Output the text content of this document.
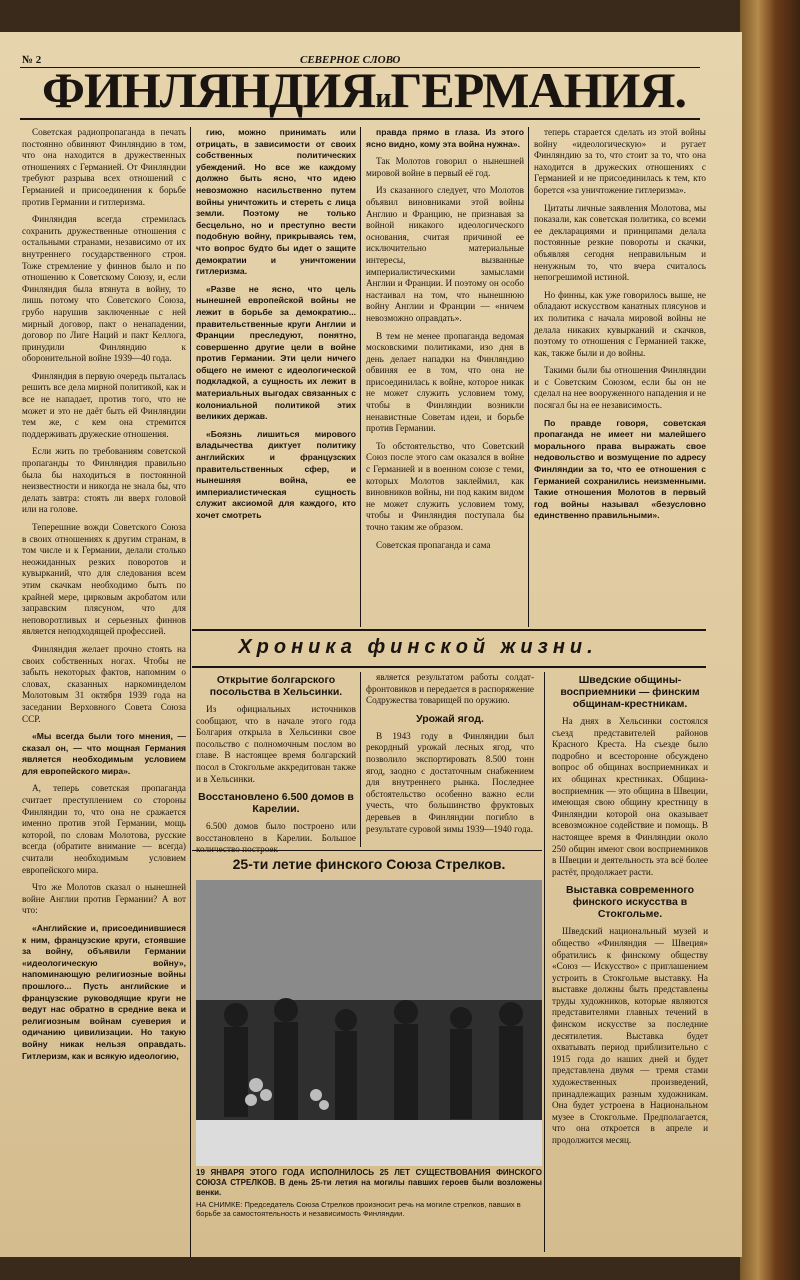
№ 2	СЕВЕРНОЕ СЛОВО
ФИНЛЯНДИЯиГЕРМАНИЯ.

Советская радиопропаганда в печать постоянно обвиняют Финляндию в том, что она находится в дружественных отношениях с Германией. От Финляндии требуют разрыва всех отношений с Германией и присоединения к борьбе против Германии и гитлеризма.

Финляндия всегда стремилась сохранить дружественные отношения с остальными странами, независимо от их внутреннего государственного строя. Тоже стремление у финнов было и по отношению к Советскому Союзу, и, если Финляндия была втянута в войну, то лишь потому что Советского Союза, грубо нарушив заключенные с ней мирный договор, пакт о ненападении, договор по Лиге Наций и пакт Келлога, принудили Финляндию к оборонительной войне 1939—40 года.

Финляндия в первую очередь пыталась решить все дела мирной политикой, как и все не нападает, против того, что не может и это не даёт быть ей Финляндии тем же, с кем она стремится поддерживать дружеские отношения.

Если жить по требованиям советской пропаганды то Финляндия правильно была бы находиться в постоянной неизвестности и никогда не знала бы, что делать завтра: стоять ли вверх головой или на голове.

Теперешние вожди Советского Союза в своих отношениях к другим странам, в том числе и к Германии, делали столько неожиданных резких поворотов и кувырканий, что для следования всем этим скачкам необходимо быть по крайней мере, цирковым акробатом или заправским плясуном, что для неповоротливых и серьезных финнов является неподходящей профессией.

Финляндия желает прочно стоять на своих собственных ногах. Чтобы не забыть некоторых фактов, напомним о словах, сказанных наркоминделом Молотовым 31 октября 1939 года на заседании Верховного Совета Союза ССР.

«Мы всегда были того мнения, — сказал он, — что мощная Германия является необходимым условием для европейского мира».

А, теперь советская пропаганда считает преступлением со стороны Финляндии то, что она не сражается именно против этой Германии, мощь которой, по словам Молотова, русские всегда (обратите внимание — всегда) считали необходимым условием европейского мира.

Что же Молотов сказал о нынешней войне Англии против Германии? А вот что:

«Английские и, присоединившиеся к ним, французские круги, стоявшие за войну, объявили Германии «идеологическую войну», напоминающую религиозные войны прошлого... Пусть английские и французские руководящие круги не ведут нас обратно в средние века и религиозным войнам суеверия и одичанию цивилизации. Но такую войну никак нельзя оправдать. Гитлеризм, как и всякую идеологию,

гию, можно принимать или отрицать, в зависимости от своих собственных политических убеждений. Но все же каждому должно быть ясно, что идею невозможно насильственно путем войны уничтожить и стереть с лица земли. Поэтому не только бесцельно, но и преступно вести подобную войну, прикрываясь тем, что вопрос будто бы идет о защите демократии и уничтожении гитлеризма.

«Разве не ясно, что цель нынешней европейской войны не лежит в борьбе за демократию... правительственные круги Англии и Франции преследуют, понятно, совершенно другие цели в войне против Германии. Эти цели ничего общего не имеют с идеологической подкладкой, а сущность их лежит в материальных выгодах связанных с колониальной политикой этих великих держав.

«Боязнь лишиться мирового владычества диктует политику английских и французских правительственных сфер, и нынешняя война, ее империалистическая сущность служит аксиомой для каждого, кто хочет смотреть

правда прямо в глаза. Из этого ясно видно, кому эта война нужна».

Так Молотов говорил о нынешней мировой войне в первый её год.

Из сказанного следует, что Молотов объявил виновниками этой войны Англию и Францию, не признавая за войной никакого идеологического основания, считая причиной ее исключительно материальные интересы, вызванные империалистическими замыслами Англии и Франции. И поэтому он особо настаивал на том, что нынешнюю войну Англии и Франции — «ничем невозможно оправдать».

В тем не менее пропаганда ведомая московскими политиками, изо дня в день делает нападки на Финляндию обвиняя ее в том, что она не присоединилась к войне, которое никак не может служить условием тому, чтобы в Финляндии возникли ненавистные Советам идеи, и борьбе против Германии.

То обстоятельство, что Советский Союз после этого сам оказался в войне с Германией и в военном союзе с теми, которых Молотов заклеймил, как виновников войны, ни под каким видом не может служить условием тому, чтобы и Финляндия поступала бы точно таким же образом.

Советская пропаганда и сама

теперь старается сделать из этой войны войну «идеологическую» и ругает Финляндию за то, что стоит за то, что она находится в дружеских отношениях с Германией и не присоединилась к тем, кто борется «за уничтожение гитлеризма».

Цитаты личные заявления Молотова, мы показали, как советская политика, со всеми ее декларациями и принципами делала постоянные резкие повороты и скачки, объявляя сегодня неправильным и ненужным то, что вчера считалось непогрешимой истиной.

Но финны, как уже говорилось выше, не обладают искусством канатных плясунов и их политика с начала мировой войны не делала никаких кувырканий и скачков, поэтому то отношения с Германией также, как, также были и до войны.

Такими были бы отношения Финляндии и с Советским Союзом, если бы он не сделал на нее вооруженного нападения и не посягал бы на ее независимость.

По правде говоря, советская пропаганда не имеет ни малейшего морального права выражать свое недовольство и возмущение по адресу Финляндии за то, что ее отношения с Германией сохранились неизменными. Такие отношения Молотов в первый год войны называл «безусловно единственно правильными».

Хроника финской жизни.
Открытие болгарского посольства в Хельсинки.

Из официальных источников сообщают, что в начале этого года Болгария открыла в Хельсинки свое посольство с полномочным послом во главе. В настоящее время болгарский посол в Стокгольме аккредитован также и в Хельсинки.

Восстановлено 6.500 домов в Карелии.

6.500 домов было построено или восстановлено в Карелии. Большое

является результатом работы солдат-фронтовиков и передается в распоряжение Содружества товарищей по оружию.

Урожай ягод.

В 1943 году в Финляндии был рекордный урожай лесных ягод, что позволило экспортировать 8.500 тонн ягод, заодно с достаточным снабжением для внутреннего рынка. Последнее обстоятельство особенно важно если учесть, что большинство фруктовых деревьев в Финляндии погибло в результате суровой зимы 1939—1940 года.

Шведские общины-восприемники — финским общинам-крестникам.

На днях в Хельсинки состоялся съезд представителей районов Красного Креста. На съезде было подробно и всесторонне обсуждено вопрос об общинах восприемниках и их общинах крестниках. Община-восприемник — это община в Швеции, имеющая свою общину крестницу в Финляндии которой она оказывает всевозможное содействие и помощь. В настоящее время в Финляндии около 250 общин имеют свои восприемников в Швеции и деятельность эта всё более растёт, продолжает расти.

Выставка современного финского искусства в Стокгольме.

Шведский национальный музей и общество «Финляндия — Швеция» обратились к финскому обществу «Союз — Искусство» с приглашением устроить в Стокгольме выставку. На выставке должны быть представлены труды художников, которые являются представителями главных течений в финском искусстве за последние десятилетия. Выставка будет охватывать период приблизительно с 1915 года до наших дней и будет представлена двумя — тремя стами художественных произведений, принадлежащих разным художникам. Она будет устроена в Национальном музее в Стокгольме. Предполагается, что она откроется в апреле и продолжится месяц.

25-ти летие финского Союза Стрелков.
19 ЯНВАРЯ ЭТОГО ГОДА ИСПОЛНИЛОСЬ 25 ЛЕТ СУЩЕСТВОВАНИЯ ФИНСКОГО СОЮЗА СТРЕЛКОВ. В день 25-ти летия на могилы павших героев были возложены венки.
НА СНИМКЕ: Председатель Союза Стрелков произносит речь на могиле стрелков, павших в борьбе за самостоятельность и независимость Финляндии.
